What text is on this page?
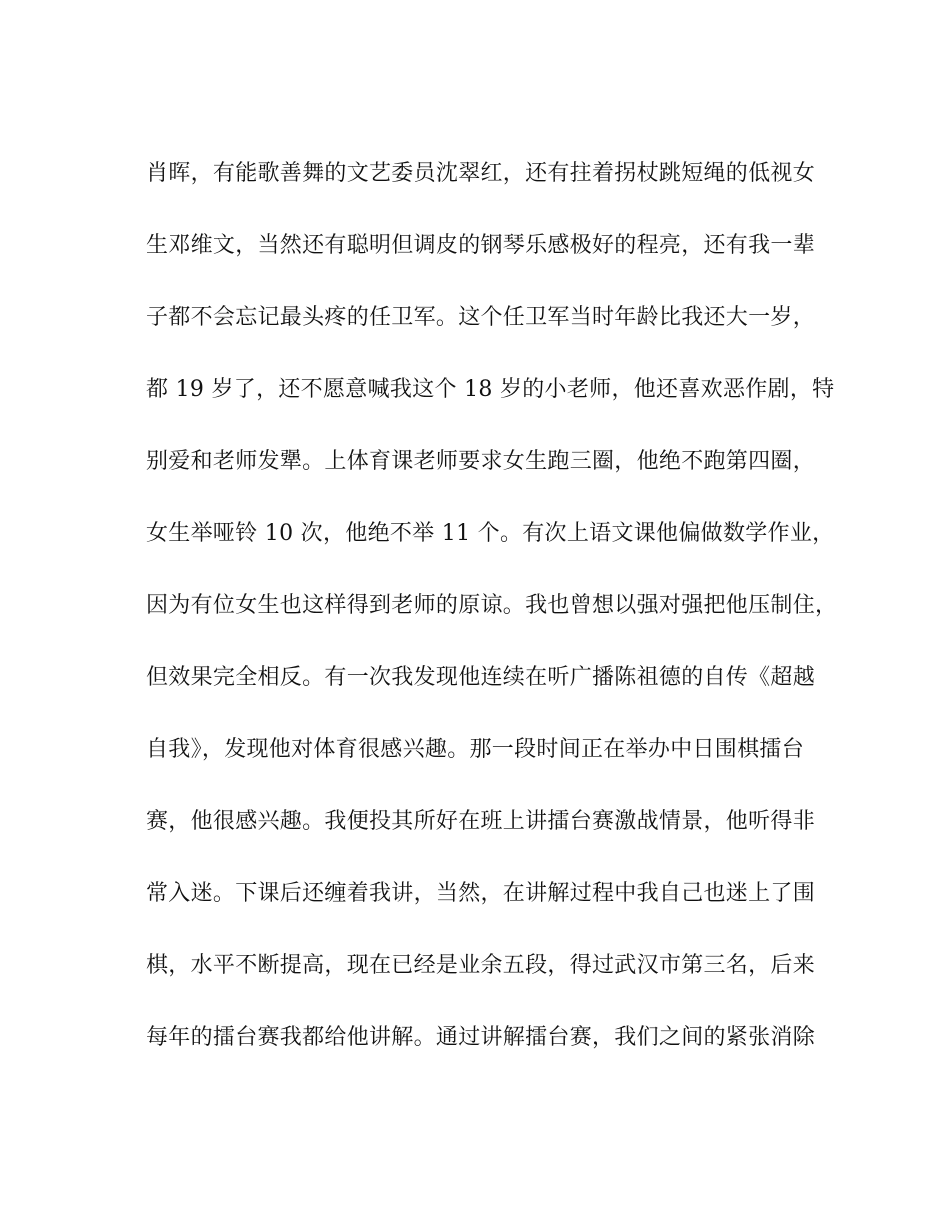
肖晖，有能歌善舞的文艺委员沈翠红，还有拄着拐杖跳短绳的低视女
生邓维文，当然还有聪明但调皮的钢琴乐感极好的程亮，还有我一辈
子都不会忘记最头疼的任卫军。这个任卫军当时年龄比我还大一岁，
都 19 岁了，还不愿意喊我这个 18 岁的小老师，他还喜欢恶作剧，特
别爱和老师发犟。上体育课老师要求女生跑三圈，他绝不跑第四圈，
女生举哑铃 10 次，他绝不举 11 个。有次上语文课他偏做数学作业，
因为有位女生也这样得到老师的原谅。我也曾想以强对强把他压制住，
但效果完全相反。有一次我发现他连续在听广播陈祖德的自传《超越
自我》，发现他对体育很感兴趣。那一段时间正在举办中日围棋擂台
赛，他很感兴趣。我便投其所好在班上讲擂台赛激战情景，他听得非
常入迷。下课后还缠着我讲，当然，在讲解过程中我自己也迷上了围
棋，水平不断提高，现在已经是业余五段，得过武汉市第三名，后来
每年的擂台赛我都给他讲解。通过讲解擂台赛，我们之间的紧张消除
